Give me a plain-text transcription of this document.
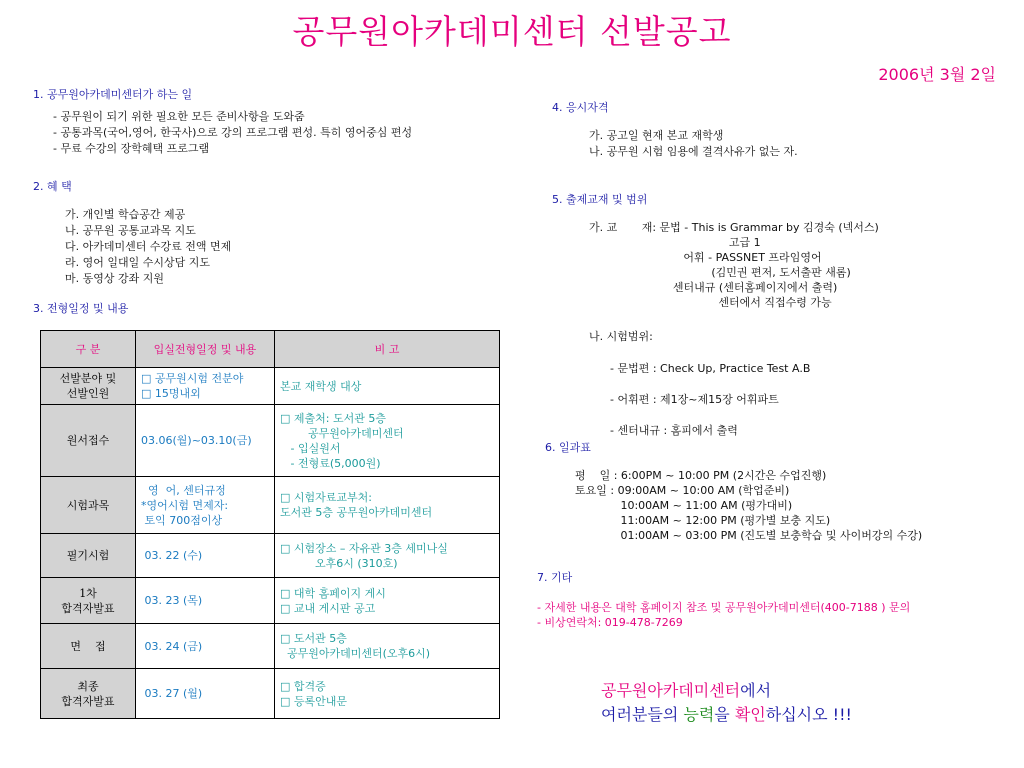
공무원아카데미센터 선발공고
2006년 3월 2일
1. 공무원아카데미센터가 하는 일
- 공무원이 되기 위한 필요한 모든 준비사항을 도와줌
- 공통과목(국어,영어, 한국사)으로 강의 프로그램 편성. 특히 영어중심 편성
- 무료 수강의 장학혜택 프로그램
2. 혜 택
가. 개인별 학습공간 제공
나. 공무원 공통교과목 지도
다. 아카데미센터 수강료 전액 면제
라. 영어 일대일 수시상담 지도
마. 동영상 강좌 지원
3. 전형일정 및 내용
구 분	입실전형일정 및 내용	비 고
선발분야 및
선발인원	□ 공무원시험 전분야
□ 15명내외	본교 재학생 대상
원서접수	03.06(월)~03.10(금)	□ 제출처: 도서관 5층
공무원아카데미센터
- 입실원서
- 전형료(5,000원)
시험과목	영  어, 센터규정
*영어시험 면제자:
토익 700점이상	□ 시험자료교부처:
도서관 5층 공무원아카데미센터
필기시험	03. 22 (수)	□ 시험장소 – 자유관 3층 세미나실
오후6시 (310호)
1차
합격자발표	03. 23 (목)	□ 대학 홈페이지 게시
□ 교내 게시판 공고
면    접	03. 24 (금)	□ 도서관 5층
공무원아카데미센터(오후6시)
최종
합격자발표	03. 27 (월)	□ 합격증
□ 등록안내문
4. 응시자격
가. 공고일 현재 본교 재학생
나. 공무원 시험 임용에 결격사유가 없는 자.
5. 출제교재 및 범위
가. 교       재: 문법 - This is Grammar by 김경숙 (넥서스)
고급 1
어휘 - PASSNET 프라임영어
(김민권 편저, 도서출판 새롬)
센터내규 (센터홈페이지에서 출력)
센터에서 직접수령 가능
나. 시험범위:
- 문법편 : Check Up, Practice Test A.B
- 어휘편 : 제1장~제15장 어휘파트
- 센터내규 : 홈피에서 출력
6. 일과표
평    일 : 6:00PM ~ 10:00 PM (2시간은 수업진행)
토요일 : 09:00AM ~ 10:00 AM (학업준비)
10:00AM ~ 11:00 AM (평가대비)
11:00AM ~ 12:00 PM (평가별 보충 지도)
01:00AM ~ 03:00 PM (진도별 보충학습 및 사이버강의 수강)
7. 기타
- 자세한 내용은 대학 홈페이지 참조 및 공무원아카데미센터(400-7188 ) 문의
- 비상연락처: 019-478-7269
공무원아카데미센터에서
여러분들의 능력을 확인하십시오 !!!
